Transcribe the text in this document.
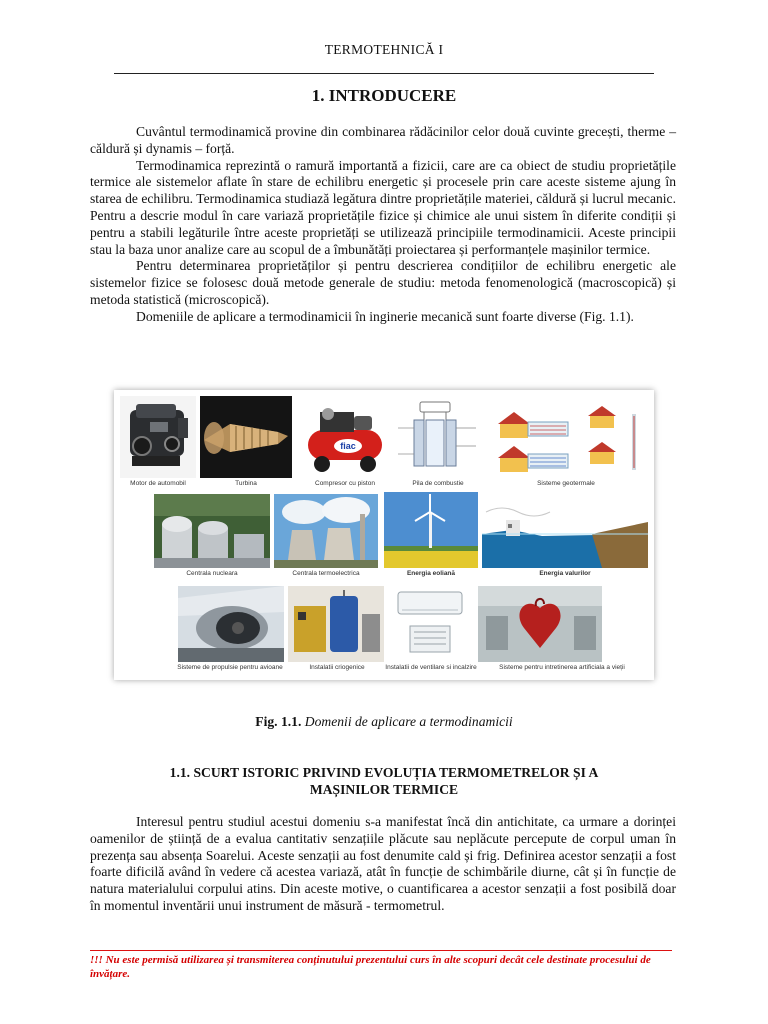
TERMOTEHNICĂ I
1. INTRODUCERE

Cuvântul termodinamică provine din combinarea rădăcinilor celor două cuvinte grecești, therme – căldură și dynamis – forță.

Termodinamica reprezintă o ramură importantă a fizicii, care are ca obiect de studiu proprietățile termice ale sistemelor aflate în stare de echilibru energetic și procesele prin care aceste sisteme ajung în starea de echilibru. Termodinamica studiază legătura dintre proprietățile materiei, căldură și lucrul mecanic. Pentru a descrie modul în care variază proprietățile fizice și chimice ale unui sistem în diferite condiții și pentru a stabili legăturile între aceste proprietăți se utilizează principiile termodinamicii. Aceste principii stau la baza unor analize care au scopul de a îmbunătăți proiectarea și performanțele mașinilor termice.

Pentru determinarea proprietăților și pentru descrierea condițiilor de echilibru energetic ale sistemelor fizice se folosesc două metode generale de studiu: metoda fenomenologică (macroscopică) și metoda statistică (microscopică).

Domeniile de aplicare a termodinamicii în inginerie mecanică sunt foarte diverse (Fig. 1.1).

Motor de automobil	Turbina
fiac
Compresor cu piston	Pila de combustie	Sisteme geotermale
Centrala nucleara	Centrala termoelectrica	Energia eoliană	Energia valurilor
Sisteme de propulsie pentru avioane	Instalatii criogenice	Instalatii de ventilare si incalzire	Sisteme pentru intretinerea artificiala a vieții
Fig. 1.1. Domenii de aplicare a termodinamicii
1.1. SCURT ISTORIC PRIVIND EVOLUȚIA TERMOMETRELOR ȘI A
MAȘINILOR TERMICE

Interesul pentru studiul acestui domeniu s-a manifestat încă din antichitate, ca urmare a dorinței oamenilor de știință de a evalua cantitativ senzațiile plăcute sau neplăcute percepute de corpul uman în prezența sau absența Soarelui. Aceste senzații au fost denumite cald și frig. Definirea acestor senzații a fost foarte dificilă având în vedere că acestea variază, atât în funcție de schimbările diurne, cât și în funcție de natura materialului corpului atins. Din aceste motive, o cuantificarea a acestor senzații a fost posibilă doar în momentul inventării unui instrument de măsură - termometrul.

!!! Nu este permisă utilizarea și transmiterea conținutului prezentului curs în alte scopuri decât cele destinate procesului de învățare.
